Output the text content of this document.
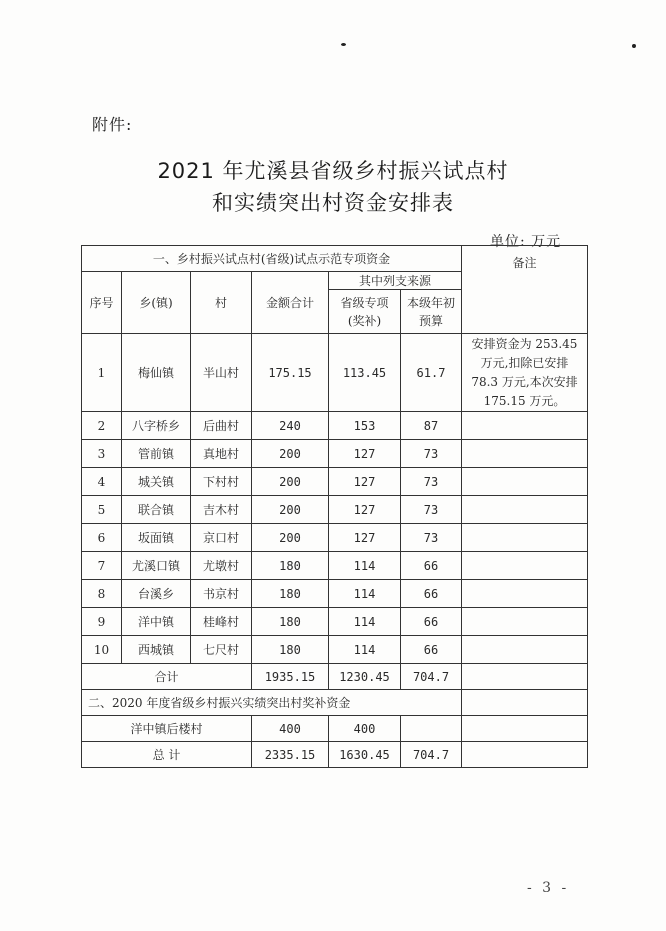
附件:
2021 年尤溪县省级乡村振兴试点村
和实绩突出村资金安排表
单位: 万元
一、乡村振兴试点村(省级)试点示范专项资金						备注
序号	乡(镇)	村	金额合计	其中列支来源		
				省级专项(奖补)	本级年初预算	
1	梅仙镇	半山村	175.15	113.45	61.7	安排资金为 253.45 万元,扣除已安排 78.3 万元,本次安排 175.15 万元。
2	八字桥乡	后曲村	240	153	87	
3	管前镇	真地村	200	127	73	
4	城关镇	下村村	200	127	73	
5	联合镇	吉木村	200	127	73	
6	坂面镇	京口村	200	127	73	
7	尤溪口镇	尤墩村	180	114	66	
8	台溪乡	书京村	180	114	66	
9	洋中镇	桂峰村	180	114	66	
10	西城镇	七尺村	180	114	66	
合计			1935.15	1230.45	704.7	
二、2020 年度省级乡村振兴实绩突出村奖补资金						
洋中镇后楼村			400	400		
总 计			2335.15	1630.45	704.7	
- 3 -
